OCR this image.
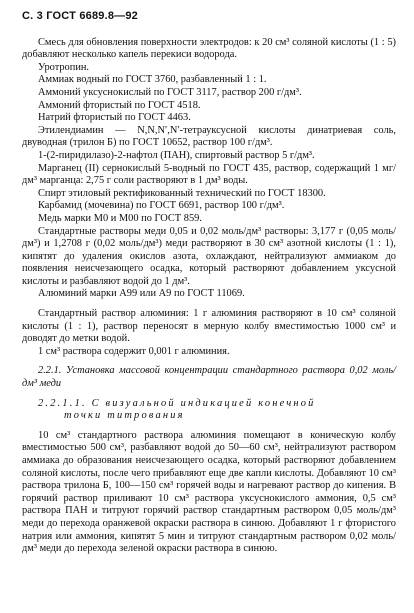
С. 3 ГОСТ 6689.8—92

Смесь для обновления поверхности электродов: к 20 см³ соляной кислоты (1 : 5) добавляют несколько капель перекиси водорода.

Уротропин.

Аммиак водный по ГОСТ 3760, разбавленный 1 : 1.

Аммоний уксуснокислый по ГОСТ 3117, раствор 200 г/дм³.

Аммоний фтористый по ГОСТ 4518.

Натрий фтористый по ГОСТ 4463.

Этилендиамин — N,N,N′,N′-тетрауксусной кислоты динатриевая соль, двуводная (трилон Б) по ГОСТ 10652, раствор 100 г/дм³.

1-(2-пиридилазо)-2-нафтол (ПАН), спиртовый раствор 5 г/дм³.

Марганец (II) сернокислый 5-водный по ГОСТ 435, раствор, содержащий 1 мг/дм³ марганца: 2,75 г соли растворяют в 1 дм³ воды.

Спирт этиловый ректификованный технический по ГОСТ 18300.

Карбамид (мочевина) по ГОСТ 6691, раствор 100 г/дм³.

Медь марки М0 и М00 по ГОСТ 859.

Стандартные растворы меди 0,05 и 0,02 моль/дм³ растворы: 3,177 г (0,05 моль/дм³) и 1,2708 г (0,02 моль/дм³) меди растворяют в 30 см³ азотной кислоты (1 : 1), кипятят до удаления окислов азота, охлаждают, нейтрализуют аммиаком до появления неисчезающего осадка, который растворяют добавлением уксусной кислоты и разбавляют водой до 1 дм³.

Алюминий марки А99 или А9 по ГОСТ 11069.

Стандартный раствор алюминия: 1 г алюминия растворяют в 10 см³ соляной кислоты (1 : 1), раствор переносят в мерную колбу вместимостью 1000 см³ и доводят до метки водой.

1 см³ раствора содержит 0,001 г алюминия.

2.2.1. Установка массовой концентрации стандартного раствора 0,02 моль/дм³ меди

2.2.1.1. С визуальной индикацией конечной

точки титрования

10 см³ стандартного раствора алюминия помещают в коническую колбу вместимостью 500 см³, разбавляют водой до 50—60 см³, нейтрализуют раствором аммиака до образования неисчезающего осадка, который растворяют добавлением соляной кислоты, после чего прибавляют еще две капли кислоты. Добавляют 10 см³ раствора трилона Б, 100—150 см³ горячей воды и нагревают раствор до кипения. В горячий раствор приливают 10 см³ раствора уксуснокислого аммония, 0,5 см³ раствора ПАН и титруют горячий раствор стандартным раствором 0,05 моль/дм³ меди до перехода оранжевой окраски раствора в синюю. Добавляют 1 г фтористого натрия или аммония, кипятят 5 мин и титруют стандартным раствором 0,02 моль/дм³ меди до перехода зеленой окраски раствора в синюю.
